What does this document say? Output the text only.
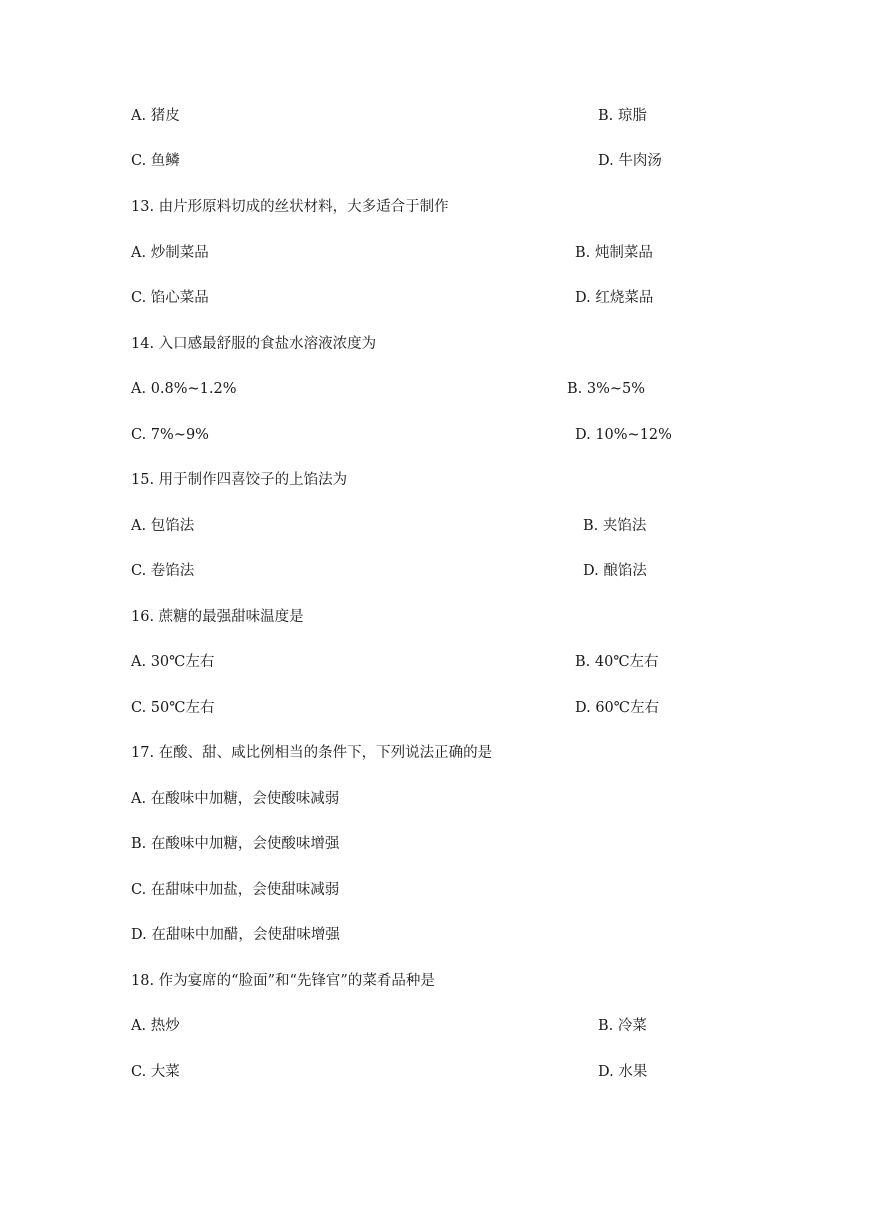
A. 猪皮	B. 琼脂
C. 鱼鳞	D. 牛肉汤
13. 由片形原料切成的丝状材料，大多适合于制作
A. 炒制菜品	B. 炖制菜品
C. 馅心菜品	D. 红烧菜品
14. 入口感最舒服的食盐水溶液浓度为
A. 0.8%~1.2%	B. 3%~5%
C. 7%~9%	D. 10%~12%
15. 用于制作四喜饺子的上馅法为
A. 包馅法	B. 夹馅法
C. 卷馅法	D. 酿馅法
16. 蔗糖的最强甜味温度是
A. 30℃左右	B. 40℃左右
C. 50℃左右	D. 60℃左右
17. 在酸、甜、咸比例相当的条件下，下列说法正确的是
A. 在酸味中加糖，会使酸味减弱
B. 在酸味中加糖，会使酸味增强
C. 在甜味中加盐，会使甜味减弱
D. 在甜味中加醋，会使甜味增强
18. 作为宴席的“脸面”和“先锋官”的菜肴品种是
A. 热炒	B. 冷菜
C. 大菜	D. 水果
